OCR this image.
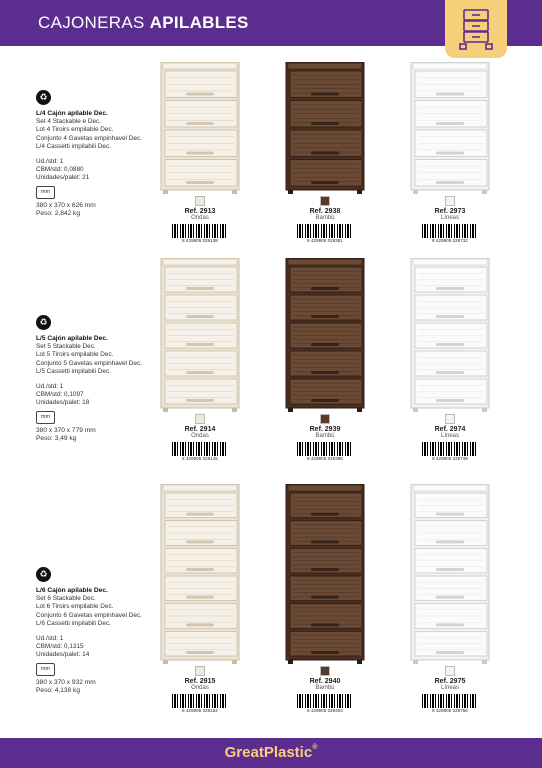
CAJONERAS APILABLES
♻
L/4 Cajón apilable Dec.
Set 4 Stackable e Dec.
Lot 4 Tiroirs empilable Dec.
Conjunto 4 Gavetas empinhavel Dec.
L/4 Cassetti impilabili Dec.
Ud./std: 1
CBM/std: 0,0880
Unidades/palet: 21
mm
380 x 370 x 626 mm
Peso: 2,842 kg
♻
L/5 Cajón apilable Dec.
Set 5 Stackable Dec.
Lot 5 Tiroirs empilable Dec.
Conjunto 5 Gavetas empinhavel Dec.
L/5 Cassetti impilabili Dec.
Ud./std: 1
CBM/std: 0,1097
Unidades/palet: 18
mm
380 x 370 x 779 mm
Peso: 3,49 kg
♻
L/6 Cajón apilable Dec.
Set 6 Stackable Dec.
Lot 6 Tiroirs empilable Dec.
Conjunto 6 Gavetas empinhavel Dec.
L/6 Cassetti impilabili Dec.
Ud./std: 1
CBM/std: 0,1315
Unidades/palet: 14
mm
380 x 370 x 932 mm
Peso: 4,138 kg
Ref. 2913
Ondas
8 429905 029138
Ref. 2938
Bambú
8 429905 029381
Ref. 2973
Líneas
8 429905 029732
Ref. 2914
Ondas
8 429905 029145
Ref. 2939
Bambú
8 429905 029398
Ref. 2974
Líneas
8 429905 029749
Ref. 2915
Ondas
8 429905 029152
Ref. 2940
Bambú
8 429905 029404
Ref. 2975
Líneas
8 429905 029756
GreatPlastic®
